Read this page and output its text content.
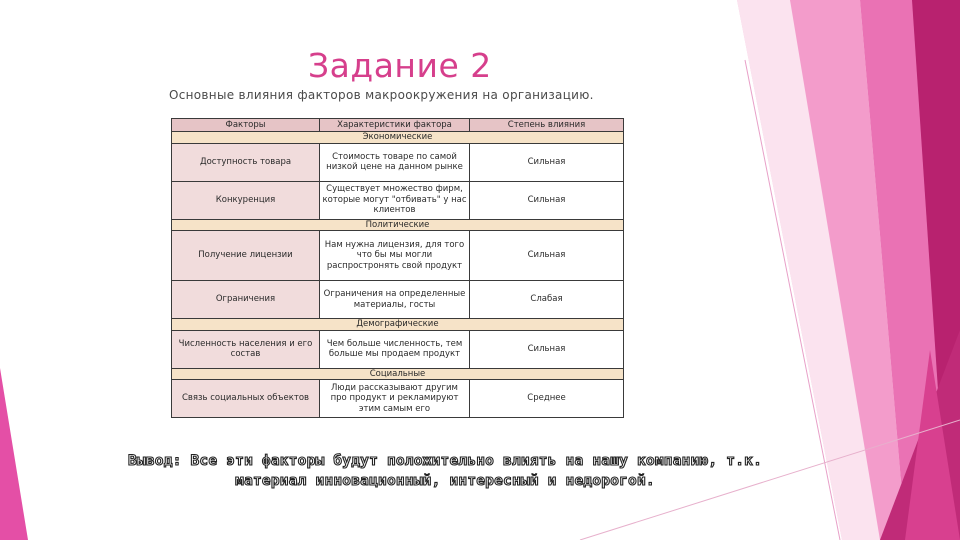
Задание 2
Основные влияния факторов макроокружения на организацию.
Факторы	Характеристики фактора	Степень влияния
Экономические		
Доступность товара	Стоимость товаре по самой низкой цене на данном рынке	Сильная
Конкуренция	Существует множество фирм, которые могут "отбивать" у нас клиентов	Сильная
Политические		
Получение лицензии	Нам нужна лицензия, для того что бы мы могли распростронять свой продукт	Сильная
Ограничения	Ограничения на определенные материалы, госты	Слабая
Демографические		
Численность населения и его состав	Чем больше численность, тем больше мы продаем продукт	Сильная
Социальные		
Связь социальных объектов	Люди рассказывают другим про продукт и рекламируют этим самым его	Среднее
Вывод: Все эти факторы будут положительно влиять на нашу компанию, т.к.
материал инновационный, интересный и недорогой.
